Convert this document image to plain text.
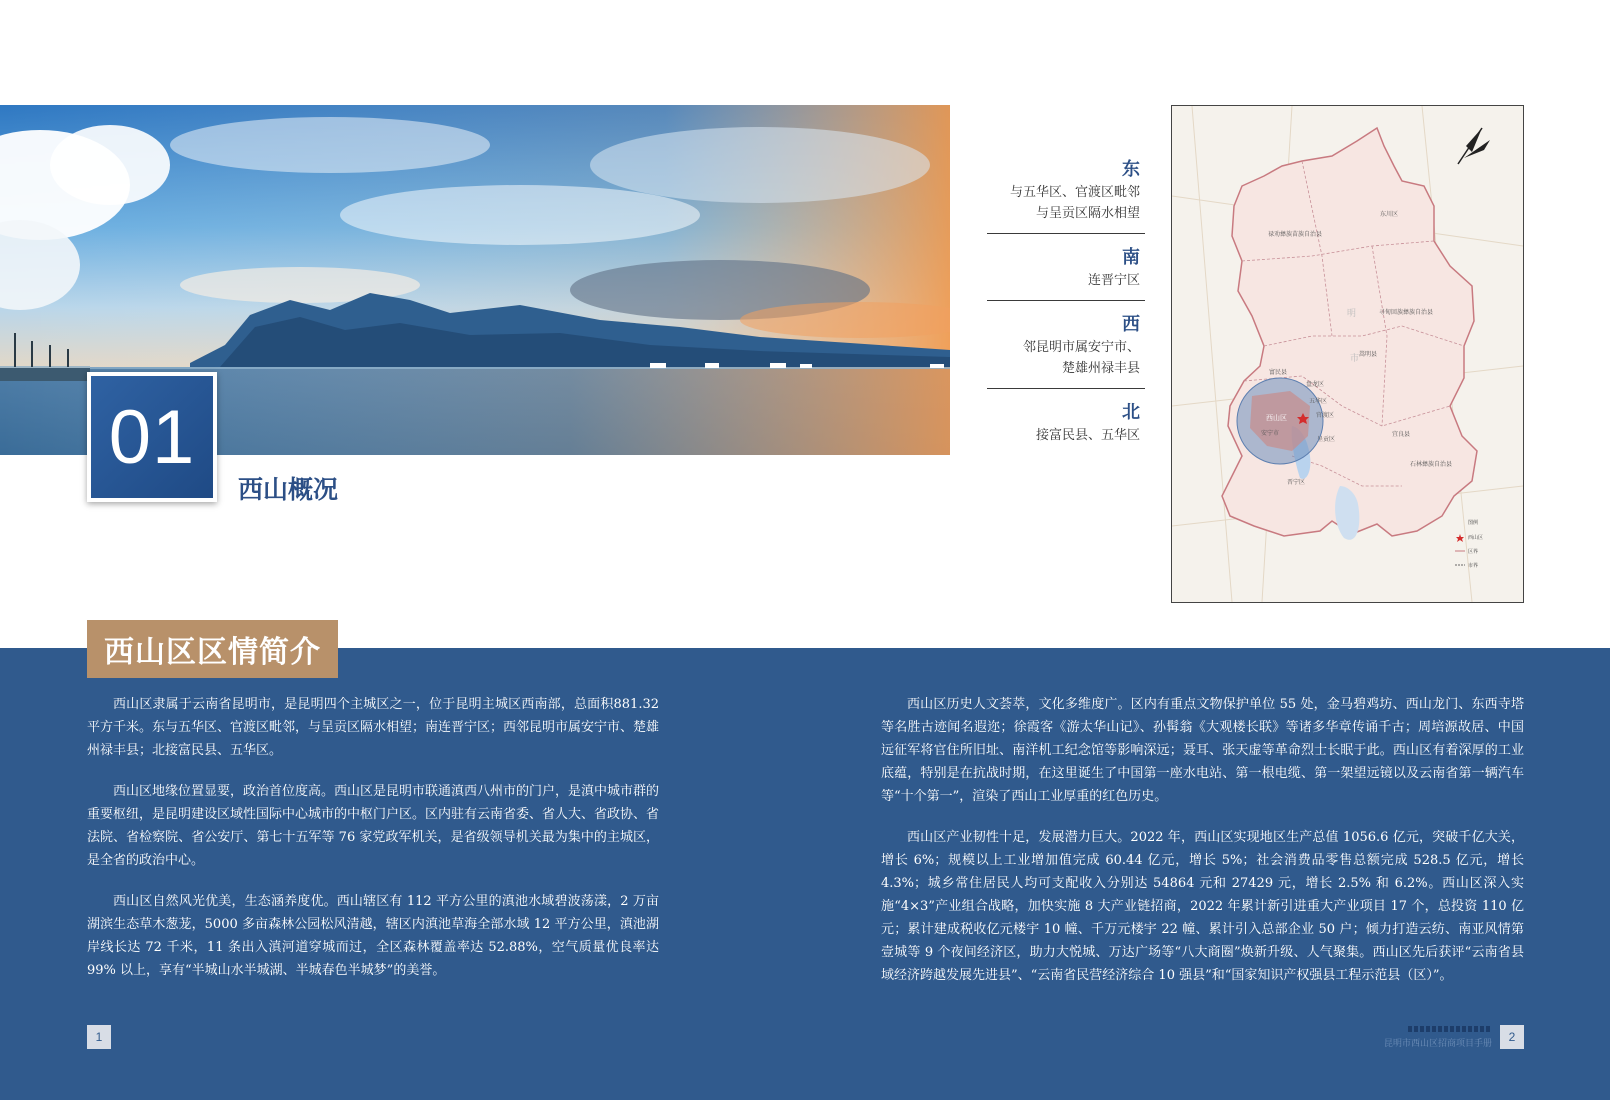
01
西山概况
东
与五华区、官渡区毗邻
与呈贡区隔水相望
南
连晋宁区
西
邻昆明市属安宁市、
楚雄州禄丰县
北
接富民县、五华区
西山区
东川区
禄劝彝族苗族自治县
寻甸回族彝族自治县
嵩明县
富民县
盘龙区
五华区
官渡区
安宁市
呈贡区
宜良县
石林彝族自治县
晋宁区
明
市
图例
西山区
区界
市界
西山区区情简介

西山区隶属于云南省昆明市，是昆明四个主城区之一，位于昆明主城区西南部，总面积881.32平方千米。东与五华区、官渡区毗邻，与呈贡区隔水相望；南连晋宁区；西邻昆明市属安宁市、楚雄州禄丰县；北接富民县、五华区。

西山区地缘位置显要，政治首位度高。西山区是昆明市联通滇西八州市的门户，是滇中城市群的重要枢纽，是昆明建设区域性国际中心城市的中枢门户区。区内驻有云南省委、省人大、省政协、省法院、省检察院、省公安厅、第七十五军等 76 家党政军机关，是省级领导机关最为集中的主城区，是全省的政治中心。

西山区自然风光优美，生态涵养度优。西山辖区有 112 平方公里的滇池水域碧波荡漾，2 万亩湖滨生态草木葱茏，5000 多亩森林公园松风清越，辖区内滇池草海全部水域 12 平方公里，滇池湖岸线长达 72 千米，11 条出入滇河道穿城而过，全区森林覆盖率达 52.88%，空气质量优良率达 99% 以上，享有“半城山水半城湖、半城春色半城梦”的美誉。

西山区历史人文荟萃，文化多维度广。区内有重点文物保护单位 55 处，金马碧鸡坊、西山龙门、东西寺塔等名胜古迹闻名遐迩；徐霞客《游太华山记》、孙髯翁《大观楼长联》等诸多华章传诵千古；周培源故居、中国远征军将官住所旧址、南洋机工纪念馆等影响深远；聂耳、张天虚等革命烈士长眠于此。西山区有着深厚的工业底蕴，特别是在抗战时期，在这里诞生了中国第一座水电站、第一根电缆、第一架望远镜以及云南省第一辆汽车等“十个第一”，渲染了西山工业厚重的红色历史。

西山区产业韧性十足，发展潜力巨大。2022 年，西山区实现地区生产总值 1056.6 亿元，突破千亿大关，增长 6%；规模以上工业增加值完成 60.44 亿元，增长 5%；社会消费品零售总额完成 528.5 亿元，增长 4.3%；城乡常住居民人均可支配收入分别达 54864 元和 27429 元，增长 2.5% 和 6.2%。西山区深入实施“4×3”产业组合战略，加快实施 8 大产业链招商，2022 年累计新引进重大产业项目 17 个，总投资 110 亿元；累计建成税收亿元楼宇 10 幢、千万元楼宇 22 幢、累计引入总部企业 50 户；倾力打造云纺、南亚风情第壹城等 9 个夜间经济区，助力大悦城、万达广场等“八大商圈”焕新升级、人气聚集。西山区先后获评“云南省县域经济跨越发展先进县”、“云南省民营经济综合 10 强县”和“国家知识产权强县工程示范县（区）”。

1	昆明市西山区招商项目手册	2
